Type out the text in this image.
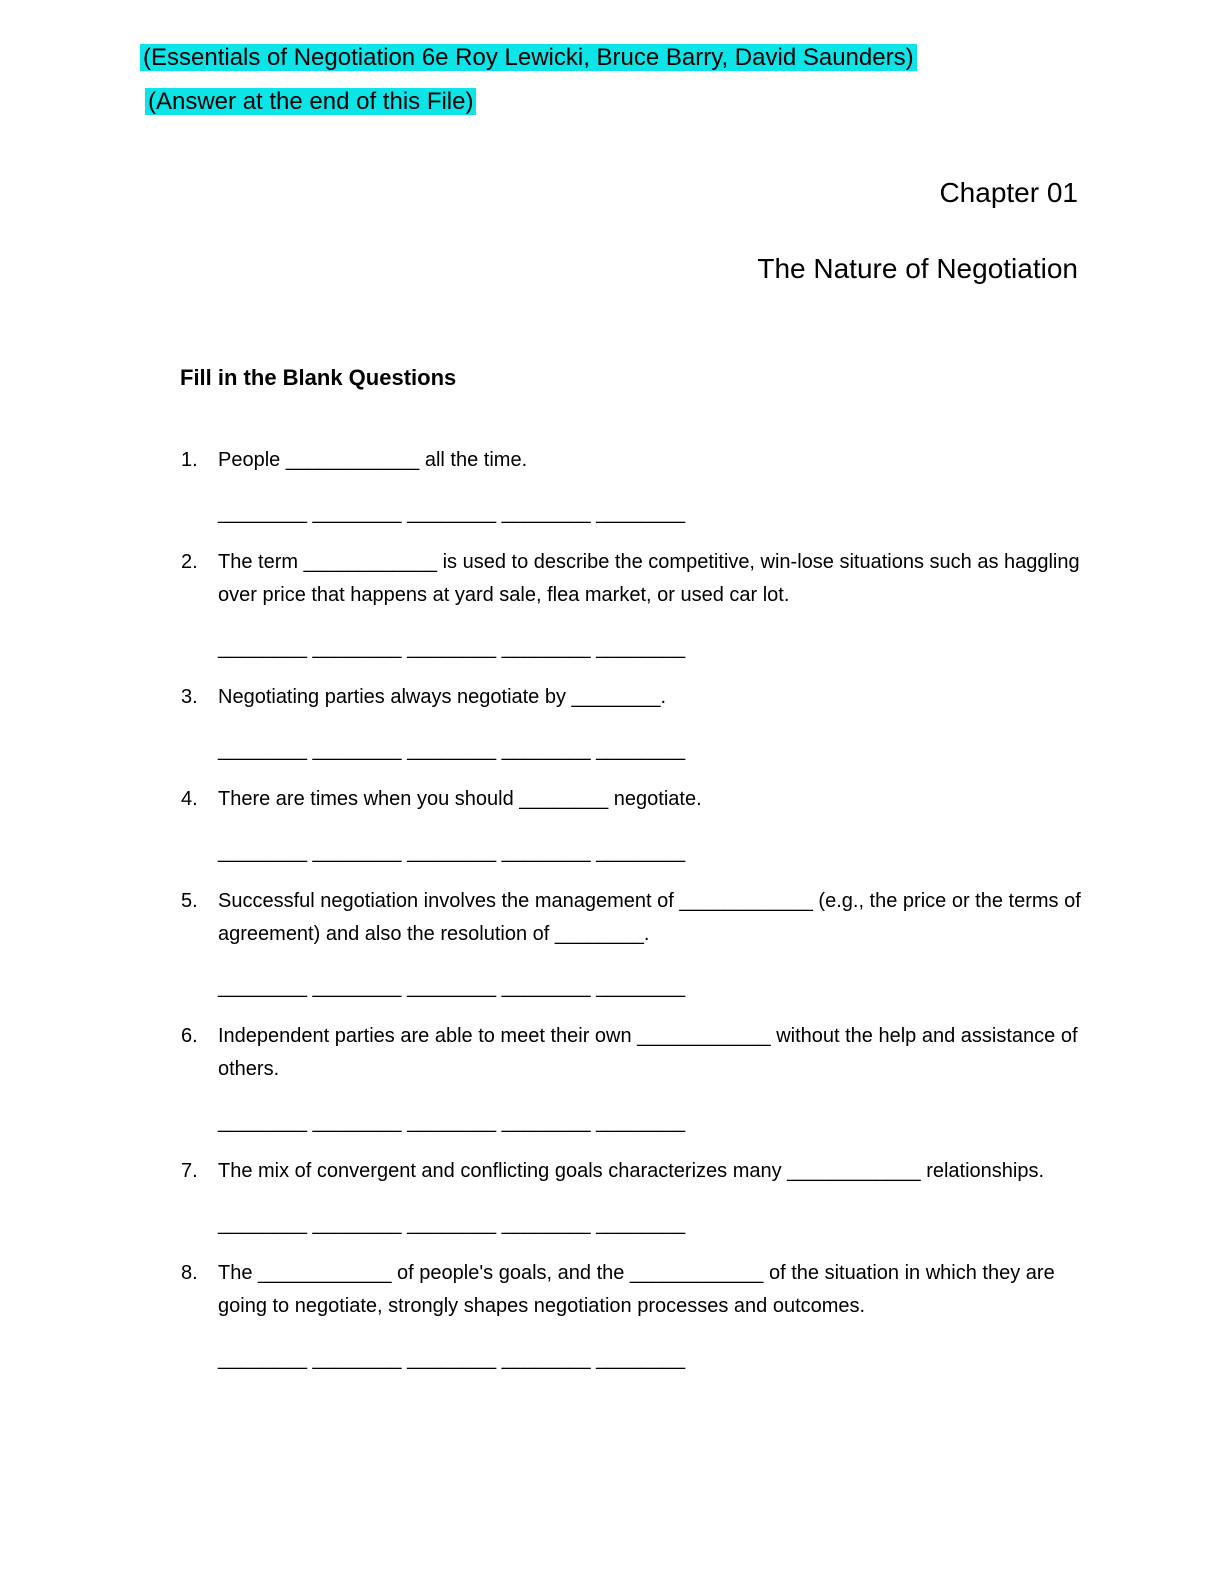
(Essentials of Negotiation 6e Roy Lewicki, Bruce Barry, David Saunders)
(Answer at the end of this File)
Chapter 01
The Nature of Negotiation
Fill in the Blank Questions
1.	People ____________ all the time.
________ ________ ________ ________ ________
2.	The term ____________ is used to describe the competitive, win-lose situations such as haggling over price that happens at yard sale, flea market, or used car lot.
________ ________ ________ ________ ________
3.	Negotiating parties always negotiate by ________.
________ ________ ________ ________ ________
4.	There are times when you should ________ negotiate.
________ ________ ________ ________ ________
5.	Successful negotiation involves the management of ____________ (e.g., the price or the terms of agreement) and also the resolution of ________.
________ ________ ________ ________ ________
6.	Independent parties are able to meet their own ____________ without the help and assistance of others.
________ ________ ________ ________ ________
7.	The mix of convergent and conflicting goals characterizes many ____________ relationships.
________ ________ ________ ________ ________
8.	The ____________ of people's goals, and the ____________ of the situation in which they are going to negotiate, strongly shapes negotiation processes and outcomes.
________ ________ ________ ________ ________
